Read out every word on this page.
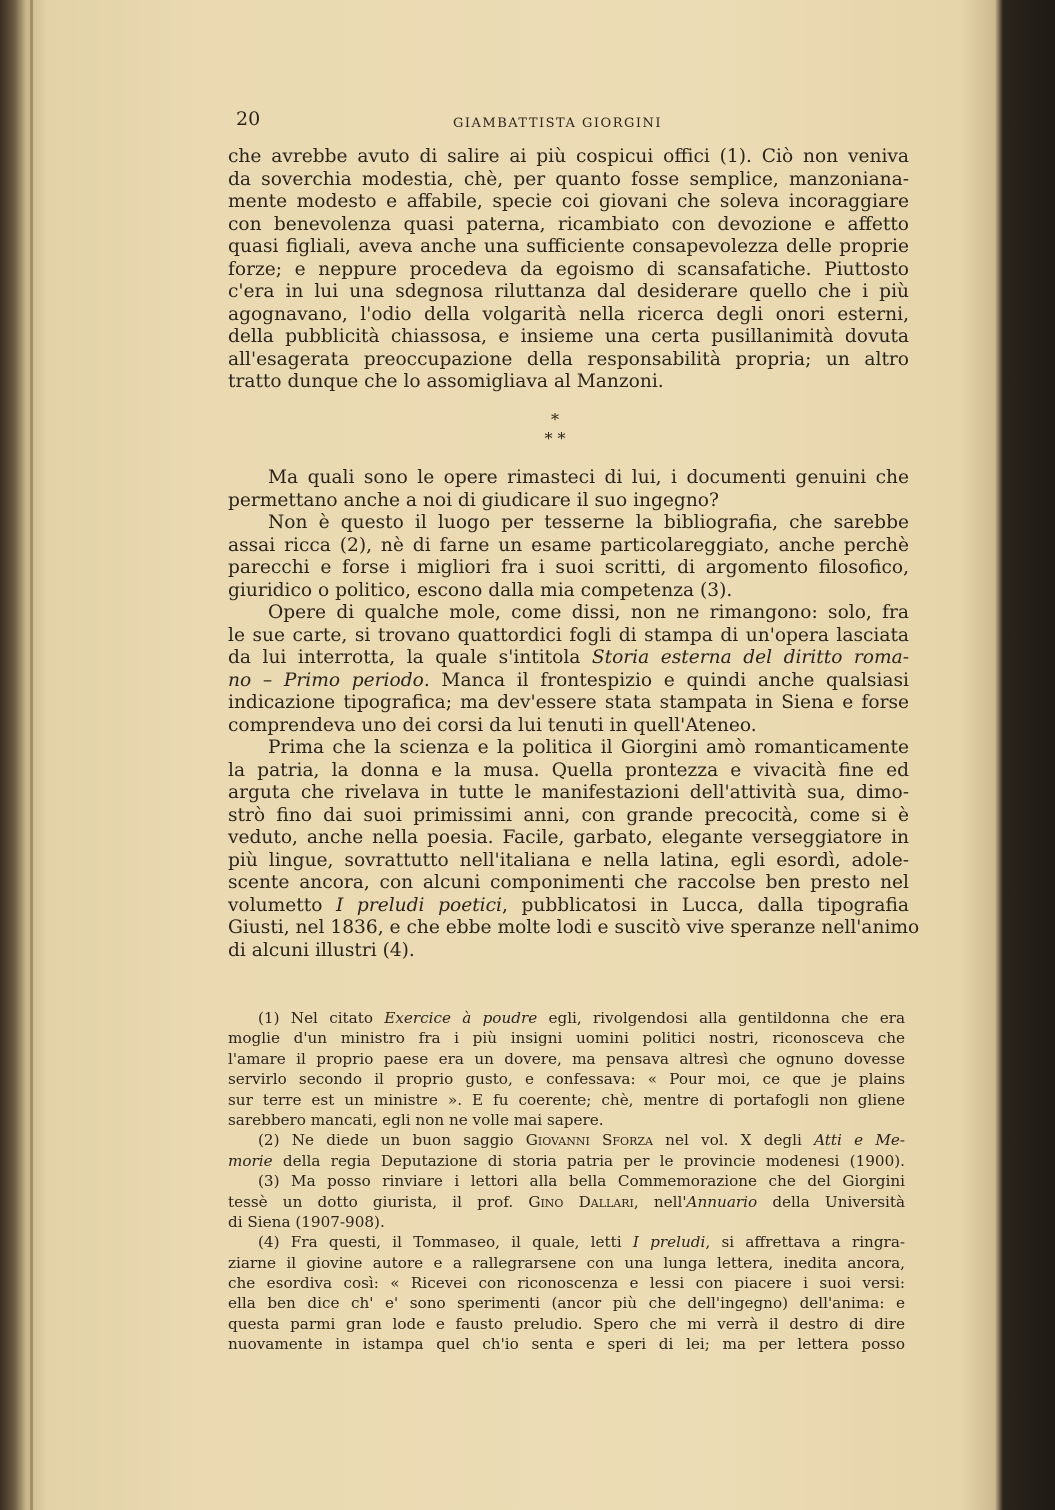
20	GIAMBATTISTA GIORGINI
che avrebbe avuto di salire ai più cospicui offici (1). Ciò non veniva
da soverchia modestia, chè, per quanto fosse semplice, manzoniana-
mente modesto e affabile, specie coi giovani che soleva incoraggiare
con benevolenza quasi paterna, ricambiato con devozione e affetto
quasi figliali, aveva anche una sufficiente consapevolezza delle proprie
forze; e neppure procedeva da egoismo di scansafatiche. Piuttosto
c'era in lui una sdegnosa riluttanza dal desiderare quello che i più
agognavano, l'odio della volgarità nella ricerca degli onori esterni,
della pubblicità chiassosa, e insieme una certa pusillanimità dovuta
all'esagerata preoccupazione della responsabilità propria; un altro
tratto dunque che lo assomigliava al Manzoni.
*
* *
Ma quali sono le opere rimasteci di lui, i documenti genuini che
permettano anche a noi di giudicare il suo ingegno?
Non è questo il luogo per tesserne la bibliografia, che sarebbe
assai ricca (2), nè di farne un esame particolareggiato, anche perchè
parecchi e forse i migliori fra i suoi scritti, di argomento filosofico,
giuridico o politico, escono dalla mia competenza (3).
Opere di qualche mole, come dissi, non ne rimangono: solo, fra
le sue carte, si trovano quattordici fogli di stampa di un'opera lasciata
da lui interrotta, la quale s'intitola Storia esterna del diritto roma-
no – Primo periodo. Manca il frontespizio e quindi anche qualsiasi
indicazione tipografica; ma dev'essere stata stampata in Siena e forse
comprendeva uno dei corsi da lui tenuti in quell'Ateneo.
Prima che la scienza e la politica il Giorgini amò romanticamente
la patria, la donna e la musa. Quella prontezza e vivacità fine ed
arguta che rivelava in tutte le manifestazioni dell'attività sua, dimo-
strò fino dai suoi primissimi anni, con grande precocità, come si è
veduto, anche nella poesia. Facile, garbato, elegante verseggiatore in
più lingue, sovrattutto nell'italiana e nella latina, egli esordì, adole-
scente ancora, con alcuni componimenti che raccolse ben presto nel
volumetto I preludi poetici, pubblicatosi in Lucca, dalla tipografia
Giusti, nel 1836, e che ebbe molte lodi e suscitò vive speranze nell'animo
di alcuni illustri (4).
(1) Nel citato Exercice à poudre egli, rivolgendosi alla gentildonna che era
moglie d'un ministro fra i più insigni uomini politici nostri, riconosceva che
l'amare il proprio paese era un dovere, ma pensava altresì che ognuno dovesse
servirlo secondo il proprio gusto, e confessava: « Pour moi, ce que je plains
sur terre est un ministre ». E fu coerente; chè, mentre di portafogli non gliene
sarebbero mancati, egli non ne volle mai sapere.
(2) Ne diede un buon saggio Giovanni Sforza nel vol. X degli Atti e Me-
morie della regia Deputazione di storia patria per le provincie modenesi (1900).
(3) Ma posso rinviare i lettori alla bella Commemorazione che del Giorgini
tessè un dotto giurista, il prof. Gino Dallari, nell'Annuario della Università
di Siena (1907-908).
(4) Fra questi, il Tommaseo, il quale, letti I preludi, si affrettava a ringra-
ziarne il giovine autore e a rallegrarsene con una lunga lettera, inedita ancora,
che esordiva così: « Ricevei con riconoscenza e lessi con piacere i suoi versi:
ella ben dice ch' e' sono sperimenti (ancor più che dell'ingegno) dell'anima: e
questa parmi gran lode e fausto preludio. Spero che mi verrà il destro di dire
nuovamente in istampa quel ch'io senta e speri di lei; ma per lettera posso
